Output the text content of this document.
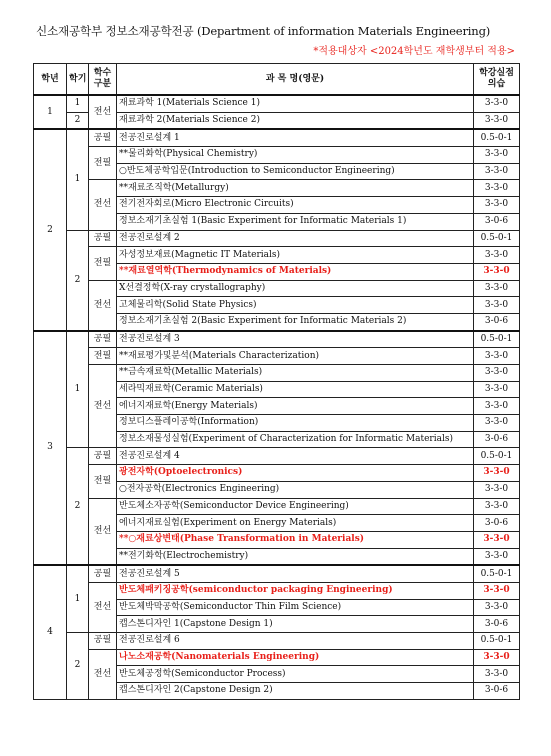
신소재공학부 정보소재공학전공 (Department of information Materials Engineering)
*적용대상자 <2024학년도 재학생부터 적용>
학년	학기	학수구분	과 목 명(영문)	학강실점의습
1	1	전선	재료과학 1(Materials Science 1)	3-3-0
	2		재료과학 2(Materials Science 2)	3-3-0
2	1	공필	전공진로설계 1	0.5-0-1
		전필	**물리화학(Physical Chemistry)	3-3-0
			○반도체공학입문(Introduction to Semiconductor Engineering)	3-3-0
		전선	**재료조직학(Metallurgy)	3-3-0
			전기전자회로(Micro Electronic Circuits)	3-3-0
			정보소재기초실험 1(Basic Experiment for Informatic Materials 1)	3-0-6
	2	공필	전공진로설계 2	0.5-0-1
		전필	자성정보재료(Magnetic IT Materials)	3-3-0
			**재료열역학(Thermodynamics of Materials)	3-3-0
		전선	X선결정학(X-ray crystallography)	3-3-0
			고체물리학(Solid State Physics)	3-3-0
			정보소재기초실험 2(Basic Experiment for Informatic Materials 2)	3-0-6
3	1	공필	전공진로설계 3	0.5-0-1
		전필	**재료평가및분석(Materials Characterization)	3-3-0
		전선	**금속재료학(Metallic Materials)	3-3-0
			세라믹재료학(Ceramic Materials)	3-3-0
			에너지재료학(Energy Materials)	3-3-0
			정보디스플레이공학(Information)	3-3-0
			정보소재물성실험(Experiment of Characterization for Informatic Materials)	3-0-6
	2	공필	전공진로설계 4	0.5-0-1
		전필	광전자학(Optoelectronics)	3-3-0
			○전자공학(Electronics Engineering)	3-3-0
		전선	반도체소자공학(Semiconductor Device Engineering)	3-3-0
			에너지재료실험(Experiment on Energy Materials)	3-0-6
			**○재료상변태(Phase Transformation in Materials)	3-3-0
			**전기화학(Electrochemistry)	3-3-0
4	1	공필	전공진로설계 5	0.5-0-1
		전선	반도체패키징공학(semiconductor packaging Engineering)	3-3-0
			반도체박막공학(Semiconductor Thin Film Science)	3-3-0
			캡스톤디자인 1(Capstone Design 1)	3-0-6
	2	공필	전공진로설계 6	0.5-0-1
		전선	나노소재공학(Nanomaterials Engineering)	3-3-0
			반도체공정학(Semiconductor Process)	3-3-0
			캡스톤디자인 2(Capstone Design 2)	3-0-6
